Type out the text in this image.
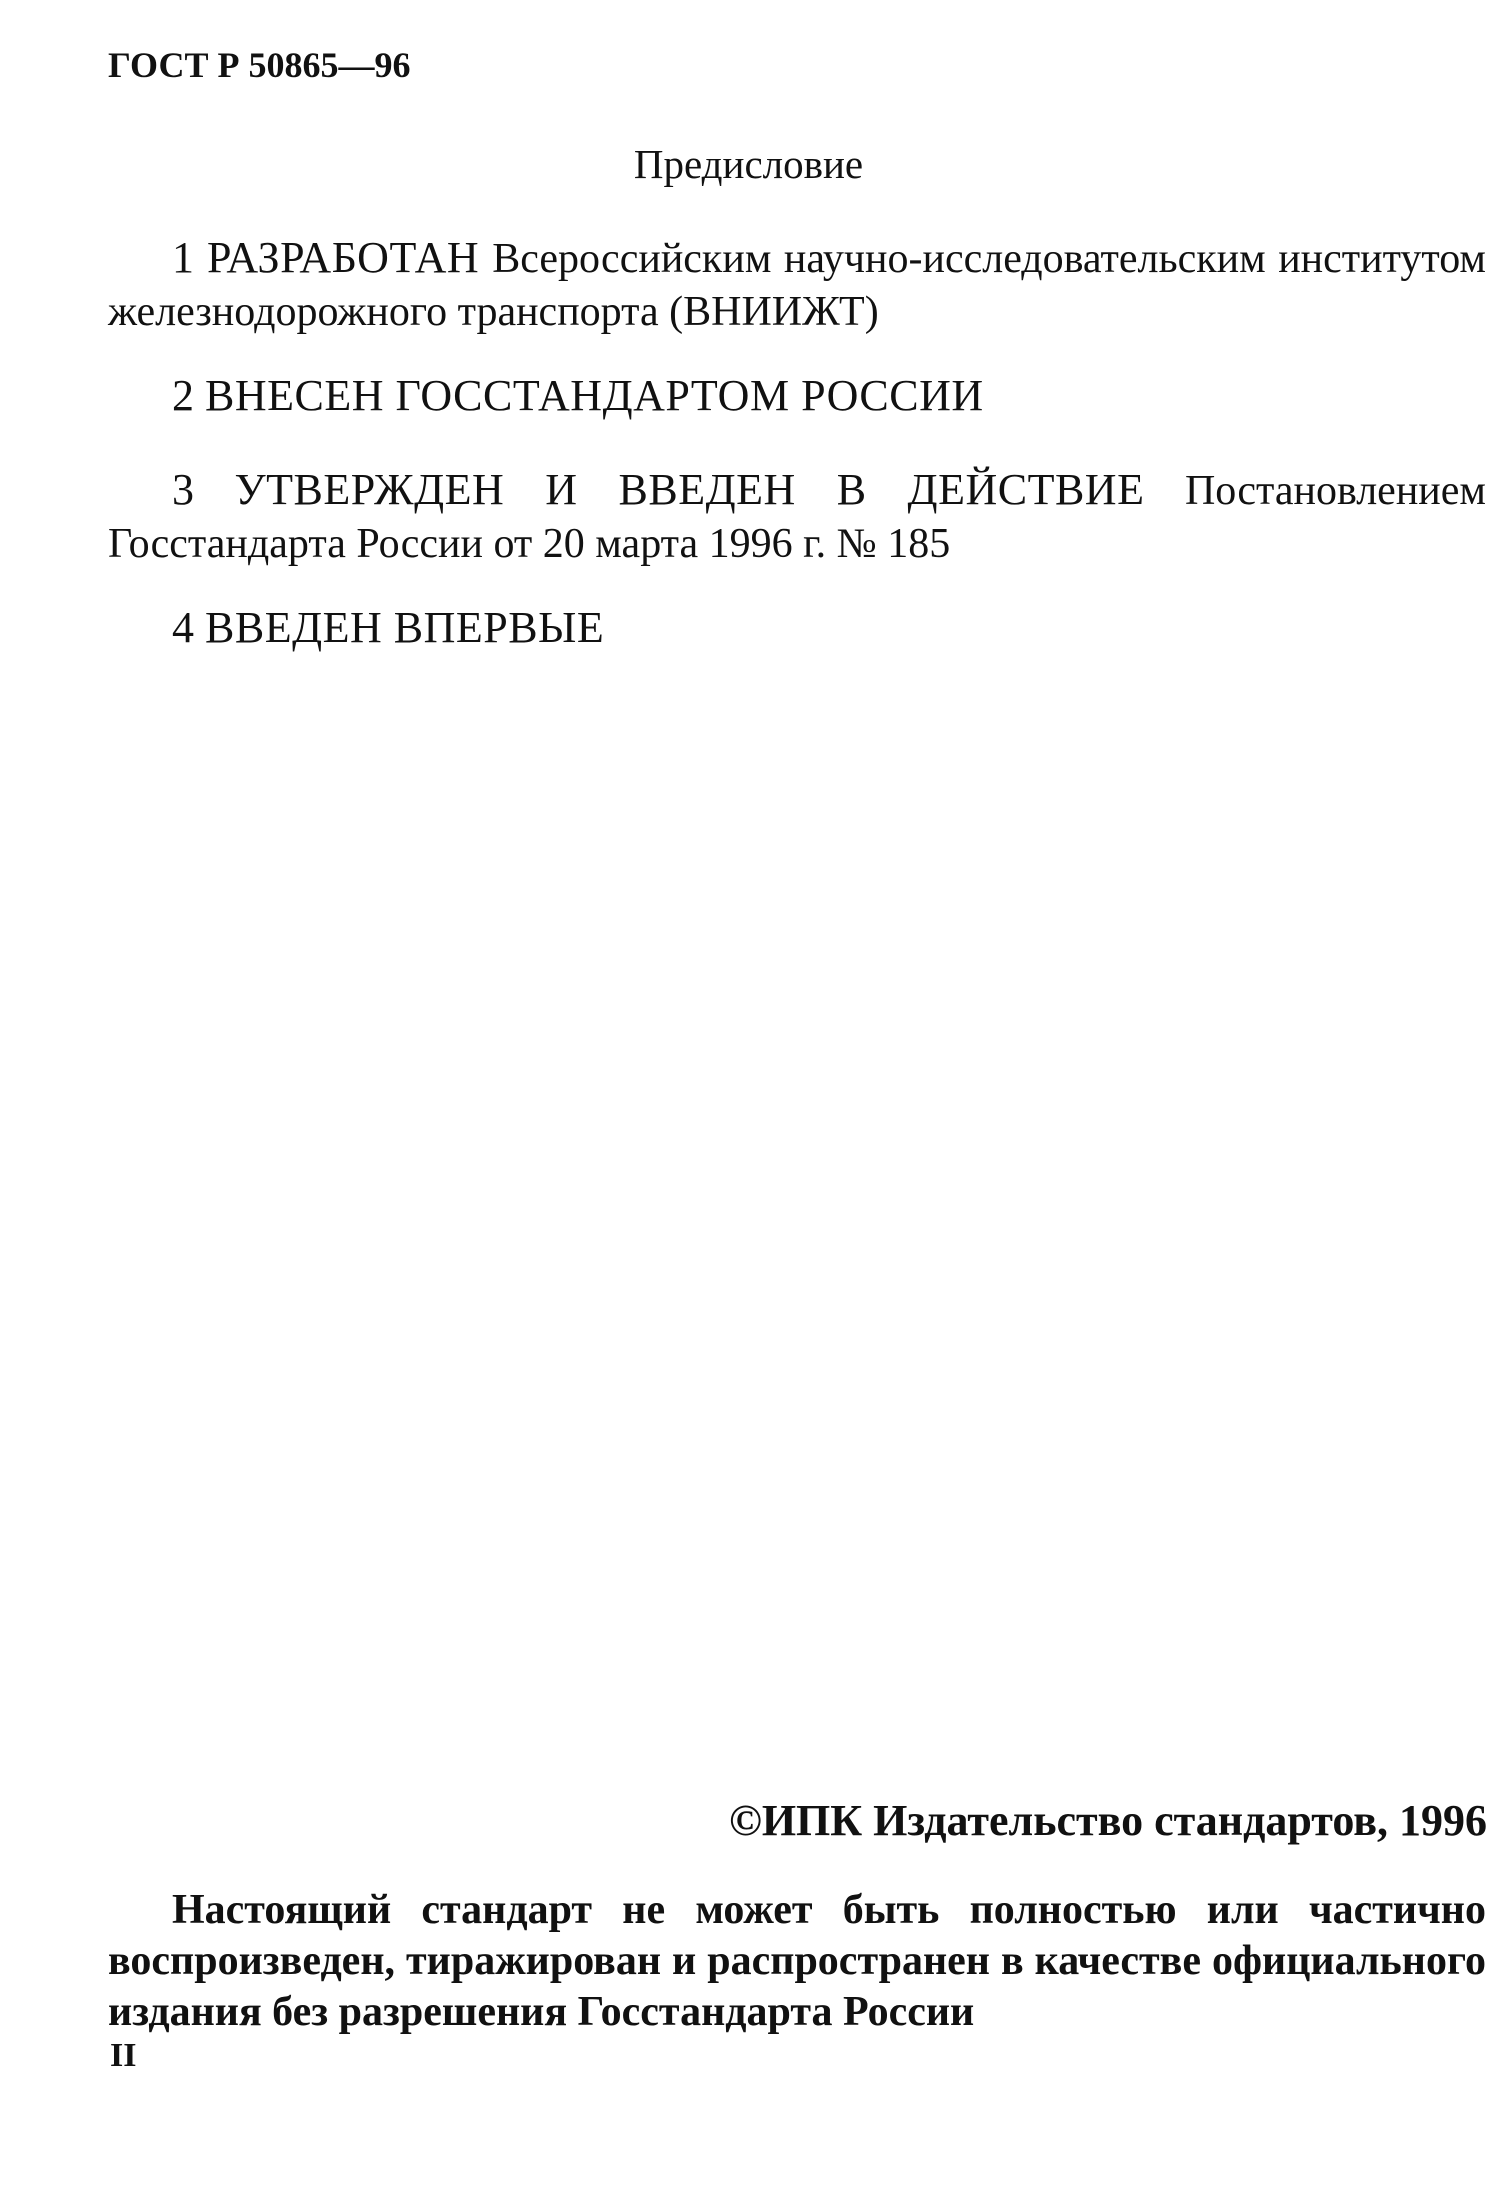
ГОСТ Р 50865—96
Предисловие
1 РАЗРАБОТАН Всероссийским научно-исследовательским институтом железнодорожного транспорта (ВНИИЖТ)
2 ВНЕСЕН ГОССТАНДАРТОМ РОССИИ
3 УТВЕРЖДЕН И ВВЕДЕН В ДЕЙСТВИЕ Постановлением Госстандарта России от 20 марта 1996 г. № 185
4 ВВЕДЕН ВПЕРВЫЕ
©ИПК Издательство стандартов, 1996
Настоящий стандарт не может быть полностью или частично воспроизведен, тиражирован и распространен в качестве официального издания без разрешения Госстандарта России
II
